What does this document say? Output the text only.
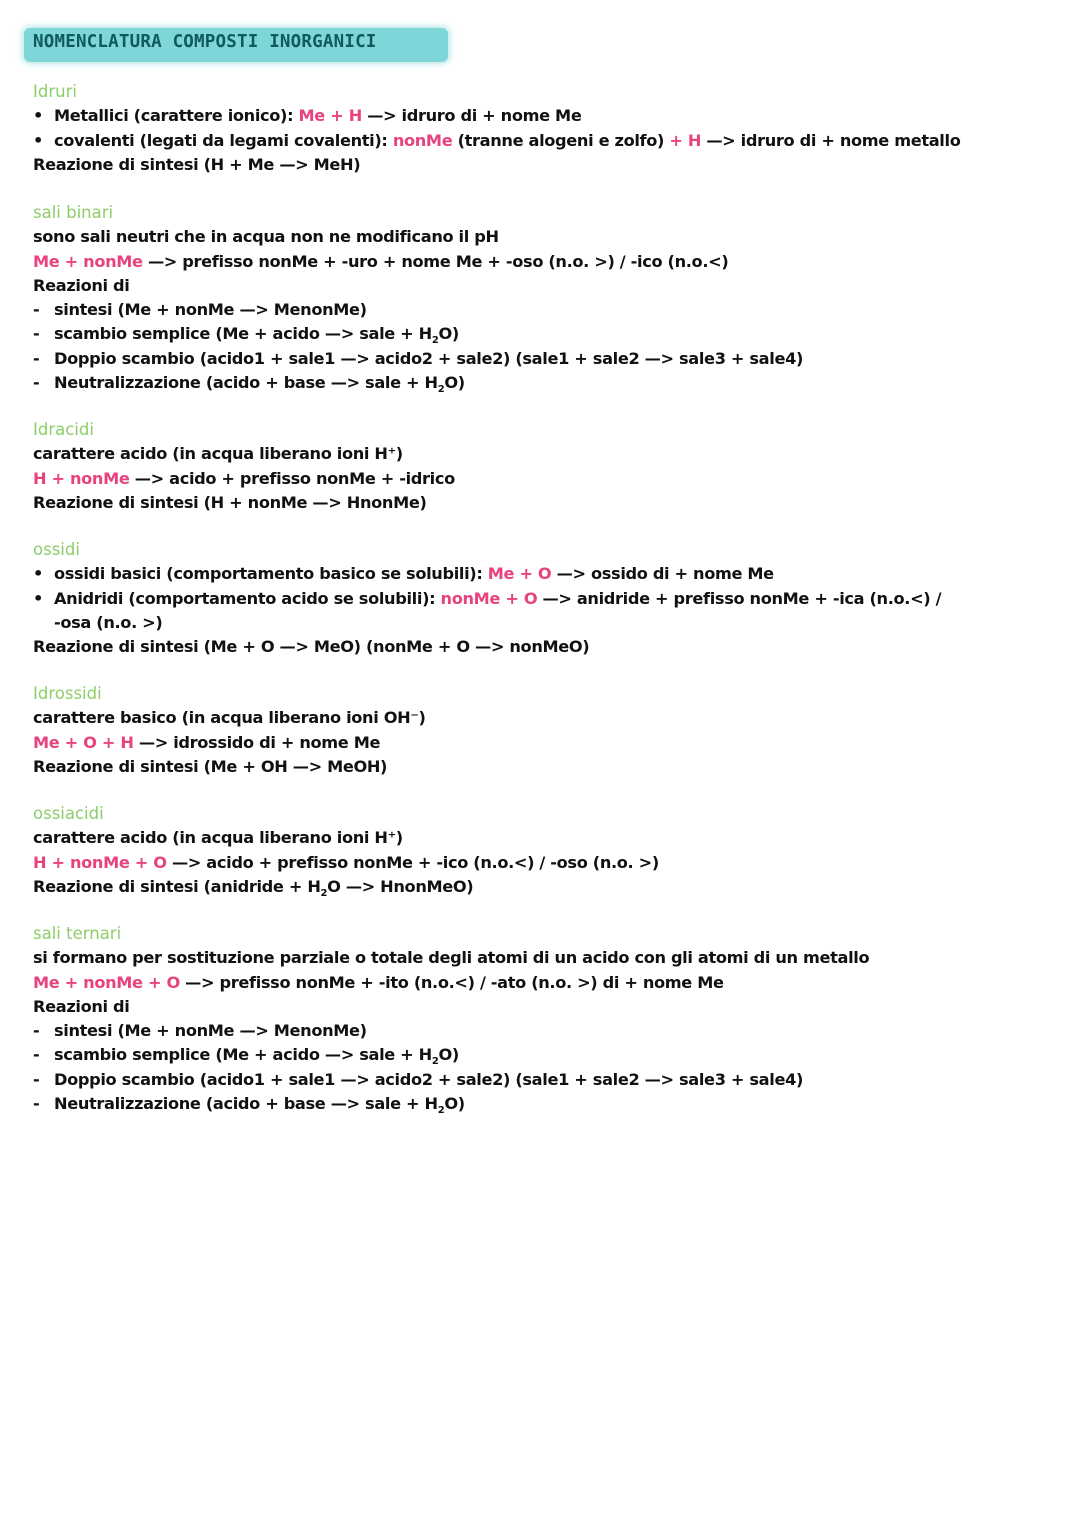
NOMENCLATURA COMPOSTI INORGANICI
Idruri
• Metallici (carattere ionico): Me + H —> idruro di + nome Me
• covalenti (legati da legami covalenti): nonMe (tranne alogeni e zolfo) + H —> idruro di + nome metallo
Reazione di sintesi (H + Me —> MeH)
sali binari
sono sali neutri che in acqua non ne modificano il pH
Me + nonMe —> prefisso nonMe + -uro + nome Me + -oso (n.o. >) / -ico (n.o.<)
Reazioni di
- sintesi (Me + nonMe —> MenonMe)
- scambio semplice (Me + acido —> sale + $H_2O$)
- Doppio scambio (acido1 + sale1 —> acido2 + sale2) (sale1 + sale2 —> sale3 + sale4)
- Neutralizzazione (acido + base —> sale + $H_2O$)
Idracidi
carattere acido (in acqua liberano ioni H⁺)
H + nonMe —> acido + prefisso nonMe + -idrico
Reazione di sintesi (H + nonMe —> HnonMe)
ossidi
• ossidi basici (comportamento basico se solubili): Me + O —> ossido di + nome Me
• Anidridi (comportamento acido se solubili): nonMe + O —> anidride + prefisso nonMe + -ica (n.o.<) /
-osa (n.o. >)
Reazione di sintesi (Me + O —> MeO) (nonMe + O —> nonMeO)
Idrossidi
carattere basico (in acqua liberano ioni OH⁻)
Me + O + H —> idrossido di + nome Me
Reazione di sintesi (Me + OH —> MeOH)
ossiacidi
carattere acido (in acqua liberano ioni H⁺)
H + nonMe + O —> acido + prefisso nonMe + -ico (n.o.<) / -oso (n.o. >)
Reazione di sintesi (anidride + $H_2O$ —> HnonMeO)
sali ternari
si formano per sostituzione parziale o totale degli atomi di un acido con gli atomi di un metallo
Me + nonMe + O —> prefisso nonMe + -ito (n.o.<) / -ato (n.o. >) di + nome Me
Reazioni di
- sintesi (Me + nonMe —> MenonMe)
- scambio semplice (Me + acido —> sale + $H_2O$)
- Doppio scambio (acido1 + sale1 —> acido2 + sale2) (sale1 + sale2 —> sale3 + sale4)
- Neutralizzazione (acido + base —> sale + $H_2O$)
